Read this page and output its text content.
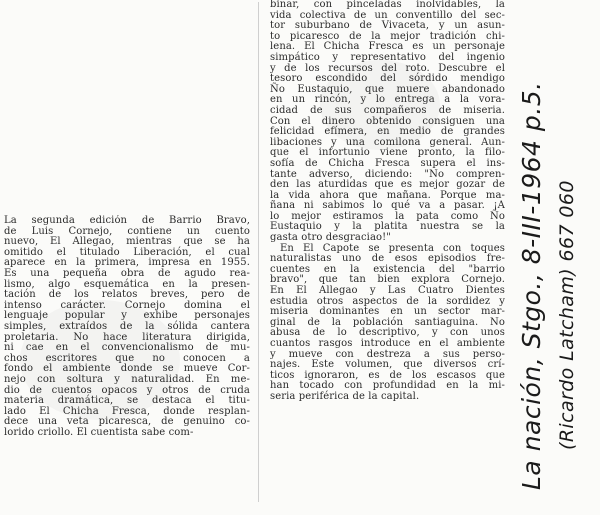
La segunda edición de Barrio Bravo,

de Luis Cornejo, contiene un cuento

nuevo, El Allegao, mientras que se ha

omitido el titulado Liberación, el cual

aparece en la primera, impresa en 1955.

Es una pequeña obra de agudo rea-

lismo, algo esquemática en la presen-

tación de los relatos breves, pero de

intenso carácter. Cornejo domina el

lenguaje popular y exhibe personajes

simples, extraídos de la sólida cantera

proletaria. No hace literatura dirigida,

ni cae en el convencionalismo de mu-

chos escritores que no conocen a

fondo el ambiente donde se mueve Cor-

nejo con soltura y naturalidad. En me-

dio de cuentos opacos y otros de cruda

materia dramática, se destaca el titu-

lado El Chicha Fresca, donde resplan-

dece una veta picaresca, de genuino co-

lorido criollo. El cuentista sabe com-

binar, con pinceladas inolvidables, la

vida colectiva de un conventillo del sec-

tor suburbano de Vivaceta, y un asun-

to picaresco de la mejor tradición chi-

lena. El Chicha Fresca es un personaje

simpático y representativo del ingenio

y de los recursos del roto. Descubre el

tesoro escondido del sórdido mendigo

Ño Eustaquio, que muere abandonado

en un rincón, y lo entrega a la vora-

cidad de sus compañeros de miseria.

Con el dinero obtenido consiguen una

felicidad efímera, en medio de grandes

libaciones y una comilona general. Aun-

que el infortunio viene pronto, la filo-

sofía de Chicha Fresca supera el ins-

tante adverso, diciendo: "No compren-

den las aturdidas que es mejor gozar de

la vida ahora que mañana. Porque ma-

ñana ni sabimos lo qué va a pasar. ¡A

lo mejor estiramos la pata como Ño

Eustaquio y la platita nuestra se la

gasta otro desgraciao!"

En El Capote se presenta con toques

naturalistas uno de esos episodios fre-

cuentes en la existencia del "barrio

bravo", que tan bien explora Cornejo.

En El Allegao y Las Cuatro Dientes

estudia otros aspectos de la sordidez y

miseria dominantes en un sector mar-

ginal de la población santiaguina. No

abusa de lo descriptivo, y con unos

cuantos rasgos introduce en el ambiente

y mueve con destreza a sus perso-

najes. Este volumen, que diversos crí-

ticos ignoraron, es de los escasos que

han tocado con profundidad en la mi-

seria periférica de la capital.	La nación, Stgo., 8-III-1964 p.5. (Ricardo Latcham) 667 060
